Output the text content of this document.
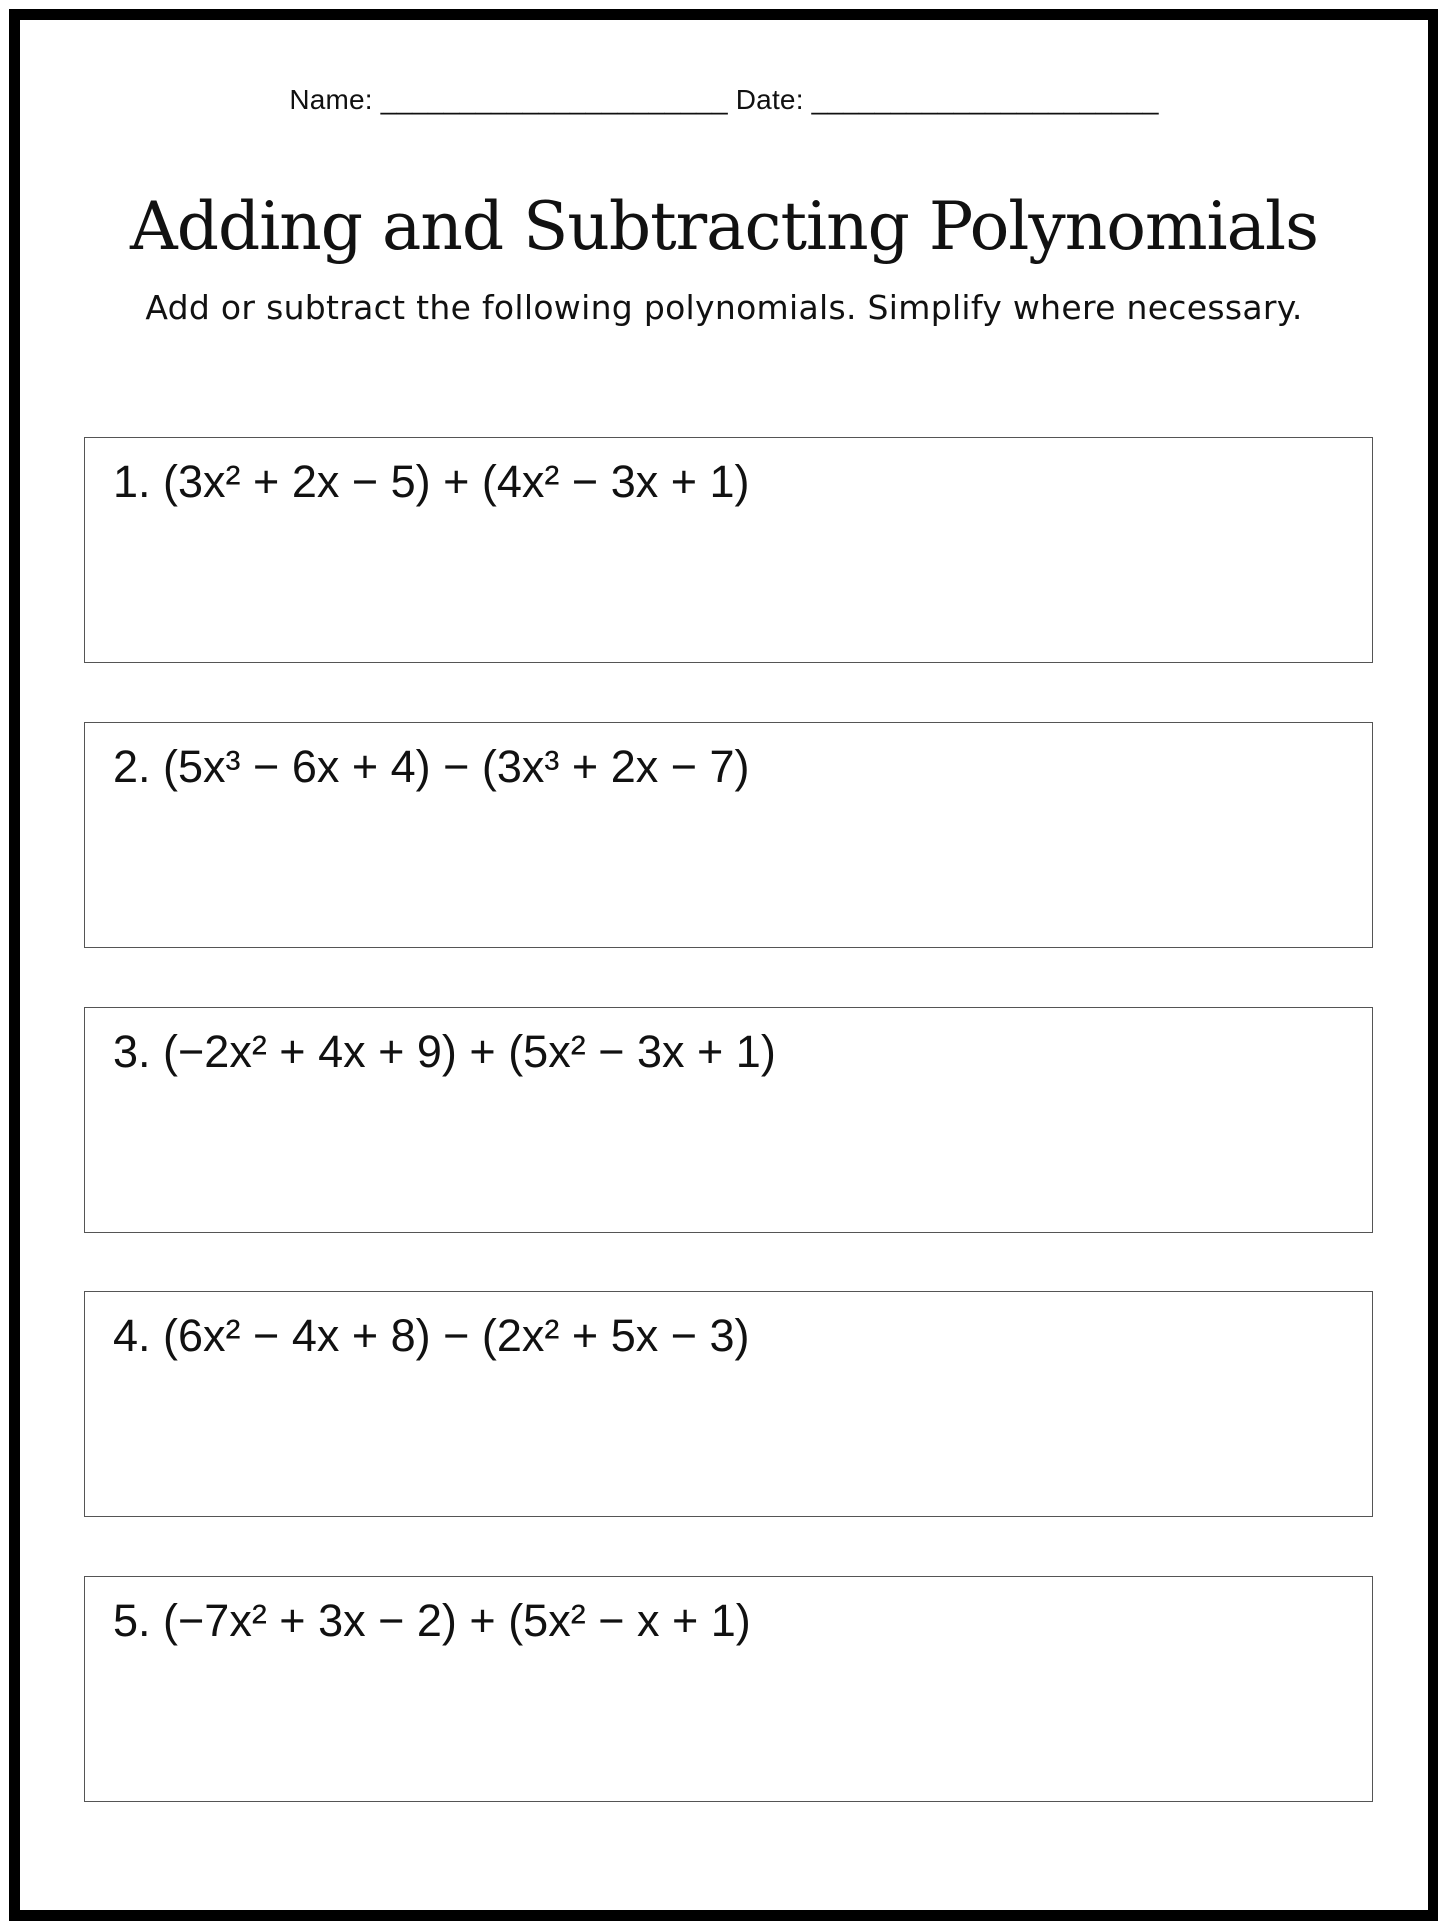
Name: ______________________ Date: ______________________
Adding and Subtracting Polynomials
Add or subtract the following polynomials. Simplify where necessary.
1. (3x² + 2x − 5) + (4x² − 3x + 1)
2. (5x³ − 6x + 4) − (3x³ + 2x − 7)
3. (−2x² + 4x + 9) + (5x² − 3x + 1)
4. (6x² − 4x + 8) − (2x² + 5x − 3)
5. (−7x² + 3x − 2) + (5x² − x + 1)
